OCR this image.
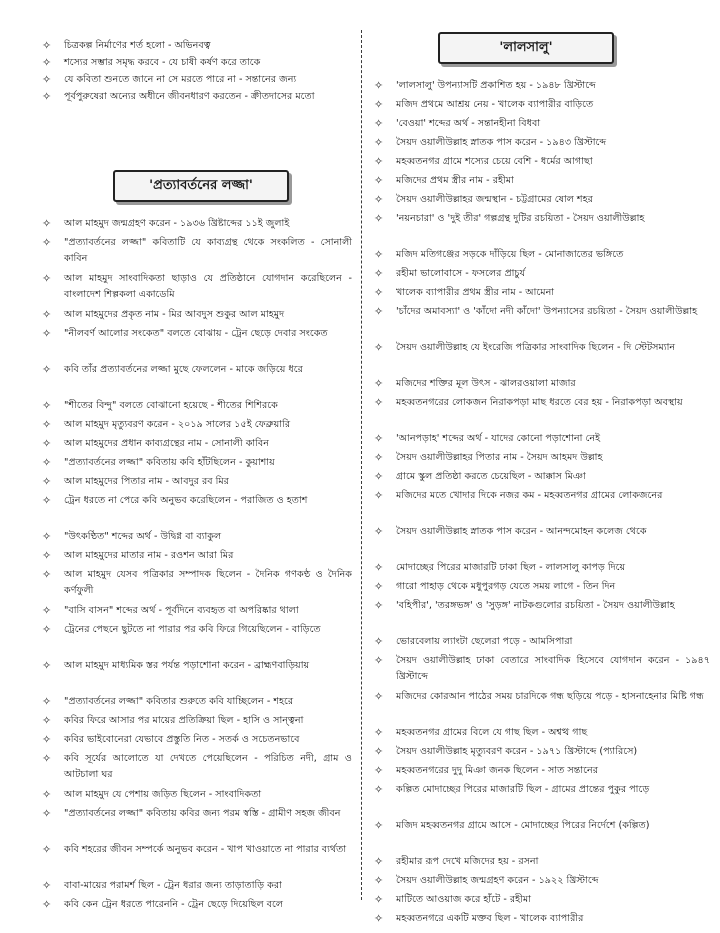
'প্রত্যাবর্তনের লজ্জা'
✧	চিত্রকল্প নির্মাণের শর্ত হলো - অভিনবত্ব
✧	শস্যের সম্ভার সমৃদ্ধ করবে - যে চাষী কর্ষণ করে তাকে
✧	যে কবিতা শুনতে জানে না সে মরতে পারে না - সন্তানের জন্য
✧	পূর্বপুরুষেরা অন্যের অধীনে জীবনধারণ করতেন - ক্রীতদাসের মতো
✧	আল মাহমুদ জন্মগ্রহণ করেন - ১৯৩৬ খ্রিষ্টাব্দের ১১ই জুলাই
✧	"প্রত্যাবর্তনের লজ্জা" কবিতাটি যে কাব্যগ্রন্থ থেকে সংকলিত - সোনালী কাবিন
✧	আল মাহমুদ সাংবাদিকতা ছাড়াও যে প্রতিষ্ঠানে যোগদান করেছিলেন - বাংলাদেশ শিল্পকলা একাডেমি
✧	আল মাহমুদের প্রকৃত নাম - মির আবদুস শুকুর আল মাহমুদ
✧	"নীলবর্ণ আলোর সংকেত" বলতে বোঝায় - ট্রেন ছেড়ে দেবার সংকেত
✧	কবি তাঁর প্রত্যাবর্তনের লজ্জা মুছে ফেললেন - মাকে জড়িয়ে ধরে
✧	"শীতের বিন্দু" বলতে বোঝানো হয়েছে - শীতের শিশিরকে
✧	আল মাহমুদ মৃত্যুবরণ করেন - ২০১৯ সালের ১৫ই ফেব্রুয়ারি
✧	আল মাহমুদের প্রধান কাব্যগ্রন্থের নাম - সোনালী কাবিন
✧	"প্রত্যাবর্তনের লজ্জা" কবিতায় কবি হাঁটছিলেন - কুয়াশায়
✧	আল মাহমুদের পিতার নাম - আবদুর রব মির
✧	ট্রেন ধরতে না পেরে কবি অনুভব করেছিলেন - পরাজিত ও হতাশ
✧	"উৎকণ্ঠিত" শব্দের অর্থ - উদ্বিগ্ন বা ব্যাকুল
✧	আল মাহমুদের মাতার নাম - রওশন আরা মির
✧	আল মাহমুদ যেসব পত্রিকার সম্পাদক ছিলেন - দৈনিক গণকণ্ঠ ও দৈনিক কর্ণফুলী
✧	"বাসি বাসন" শব্দের অর্থ - পূর্বদিনে ব্যবহৃত বা অপরিষ্কার থালা
✧	ট্রেনের পেছনে ছুটতে না পারার পর কবি ফিরে গিয়েছিলেন - বাড়িতে
✧	আল মাহমুদ মাধ্যমিক স্তর পর্যন্ত পড়াশোনা করেন - ব্রাহ্মণবাড়িয়ায়
✧	"প্রত্যাবর্তনের লজ্জা" কবিতার শুরুতে কবি যাচ্ছিলেন - শহরে
✧	কবির ফিরে আসার পর মায়ের প্রতিক্রিয়া ছিল - হাসি ও সান্ত্বনা
✧	কবির ভাইবোনেরা যেভাবে প্রস্তুতি নিত - সতর্ক ও সচেতনভাবে
✧	কবি সূর্যের আলোতে যা দেখতে পেয়েছিলেন - পরিচিত নদী, গ্রাম ও আটচালা ঘর
✧	আল মাহমুদ যে পেশায় জড়িত ছিলেন - সাংবাদিকতা
✧	"প্রত্যাবর্তনের লজ্জা" কবিতায় কবির জন্য পরম স্বস্তি - গ্রামীণ সহজ জীবন
✧	কবি শহরের জীবন সম্পর্কে অনুভব করেন - খাপ খাওয়াতে না পারার ব্যর্থতা
✧	বাবা-মায়ের পরামর্শ ছিল - ট্রেন ধরার জন্য তাড়াতাড়ি করা
✧	কবি কেন ট্রেন ধরতে পারেননি - ট্রেন ছেড়ে দিয়েছিল বলে
'লালসালু'
✧	'লালসালু' উপন্যাসটি প্রকাশিত হয় - ১৯৪৮ খ্রিস্টাব্দে
✧	মজিদ প্রথমে আশ্রয় নেয় - খালেক ব্যাপারীর বাড়িতে
✧	'বেওয়া' শব্দের অর্থ - সন্তানহীনা বিধবা
✧	সৈয়দ ওয়ালীউল্লাহ স্নাতক পাস করেন - ১৯৪৩ খ্রিস্টাব্দে
✧	মহব্বতনগর গ্রামে শস্যের চেয়ে বেশি - ধর্মের আগাছা
✧	মজিদের প্রথম স্ত্রীর নাম - রহীমা
✧	সৈয়দ ওয়ালীউল্লাহর জন্মস্থান - চট্টগ্রামের ষোল শহর
✧	'নয়নচারা' ও 'দুই তীর' গল্পগ্রন্থ দুটির রচয়িতা - সৈয়দ ওয়ালীউল্লাহ
✧	মজিদ মতিগঞ্জের সড়কে দাঁড়িয়ে ছিল - মোনাজাতের ভঙ্গিতে
✧	রহীমা ভালোবাসে - ফসলের প্রাচুর্য
✧	খালেক ব্যাপারীর প্রথম স্ত্রীর নাম - আমেনা
✧	'চাঁদের অমাবস্যা' ও 'কাঁদো নদী কাঁদো' উপন্যাসের রচয়িতা - সৈয়দ ওয়ালীউল্লাহ
✧	সৈয়দ ওয়ালীউল্লাহ যে ইংরেজি পত্রিকার সাংবাদিক ছিলেন - দি স্টেটসম্যান
✧	মজিদের শক্তির মূল উৎস - ঝালরওয়ালা মাজার
✧	মহব্বতনগরের লোকজন নিরাকপড়া মাছ ধরতে বের হয় - নিরাকপড়া অবস্থায়
✧	'আনপড়াহ' শব্দের অর্থ - যাদের কোনো পড়াশোনা নেই
✧	সৈয়দ ওয়ালীউল্লাহর পিতার নাম - সৈয়দ আহমদ উল্লাহ
✧	গ্রামে স্কুল প্রতিষ্ঠা করতে চেয়েছিল - আক্কাস মিঞা
✧	মজিদের মতে খোদার দিকে নজর কম - মহব্বতনগর গ্রামের লোকজনের
✧	সৈয়দ ওয়ালীউল্লাহ স্নাতক পাস করেন - আনন্দমোহন কলেজ থেকে
✧	মোদাচ্ছের পিরের মাজারটি ঢাকা ছিল - লালসালু কাপড় দিয়ে
✧	গারো পাহাড় থেকে মধুপুরগড় যেতে সময় লাগে - তিন দিন
✧	'বহিপীর', 'তরঙ্গভঙ্গ' ও 'সুড়ঙ্গ' নাটকগুলোর রচয়িতা - সৈয়দ ওয়ালীউল্লাহ
✧	ভোরবেলায় ল্যাংটা ছেলেরা পড়ে - আমসিপারা
✧	সৈয়দ ওয়ালীউল্লাহ ঢাকা বেতারে সাংবাদিক হিসেবে যোগদান করেন - ১৯৪৭ খ্রিস্টাব্দে
✧	মজিদের কোরআন পাঠের সময় চারদিকে গন্ধ ছড়িয়ে পড়ে - হাসনাহেনার মিষ্টি গন্ধ
✧	মহব্বতনগর গ্রামের বিলে যে গাছ ছিল - অশ্বত্থ গাছ
✧	সৈয়দ ওয়ালীউল্লাহ মৃত্যুবরণ করেন - ১৯৭১ খ্রিস্টাব্দে (প্যারিসে)
✧	মহব্বতনগরের দুদু মিঞা জনক ছিলেন - সাত সন্তানের
✧	কল্পিত মোদাচ্ছের পিরের মাজারটি ছিল - গ্রামের প্রান্তের পুকুর পাড়ে
✧	মজিদ মহব্বতনগর গ্রামে আসে - মোদাচ্ছের পিরের নির্দেশে (কল্পিত)
✧	রহীমার রূপ দেখে মজিদের হয় - রসনা
✧	সৈয়দ ওয়ালীউল্লাহ জন্মগ্রহণ করেন - ১৯২২ খ্রিস্টাব্দে
✧	মাটিতে আওয়াজ করে হাঁটে - রহীমা
✧	মহব্বতনগরে একটি মক্তব ছিল - খালেক ব্যাপারীর
